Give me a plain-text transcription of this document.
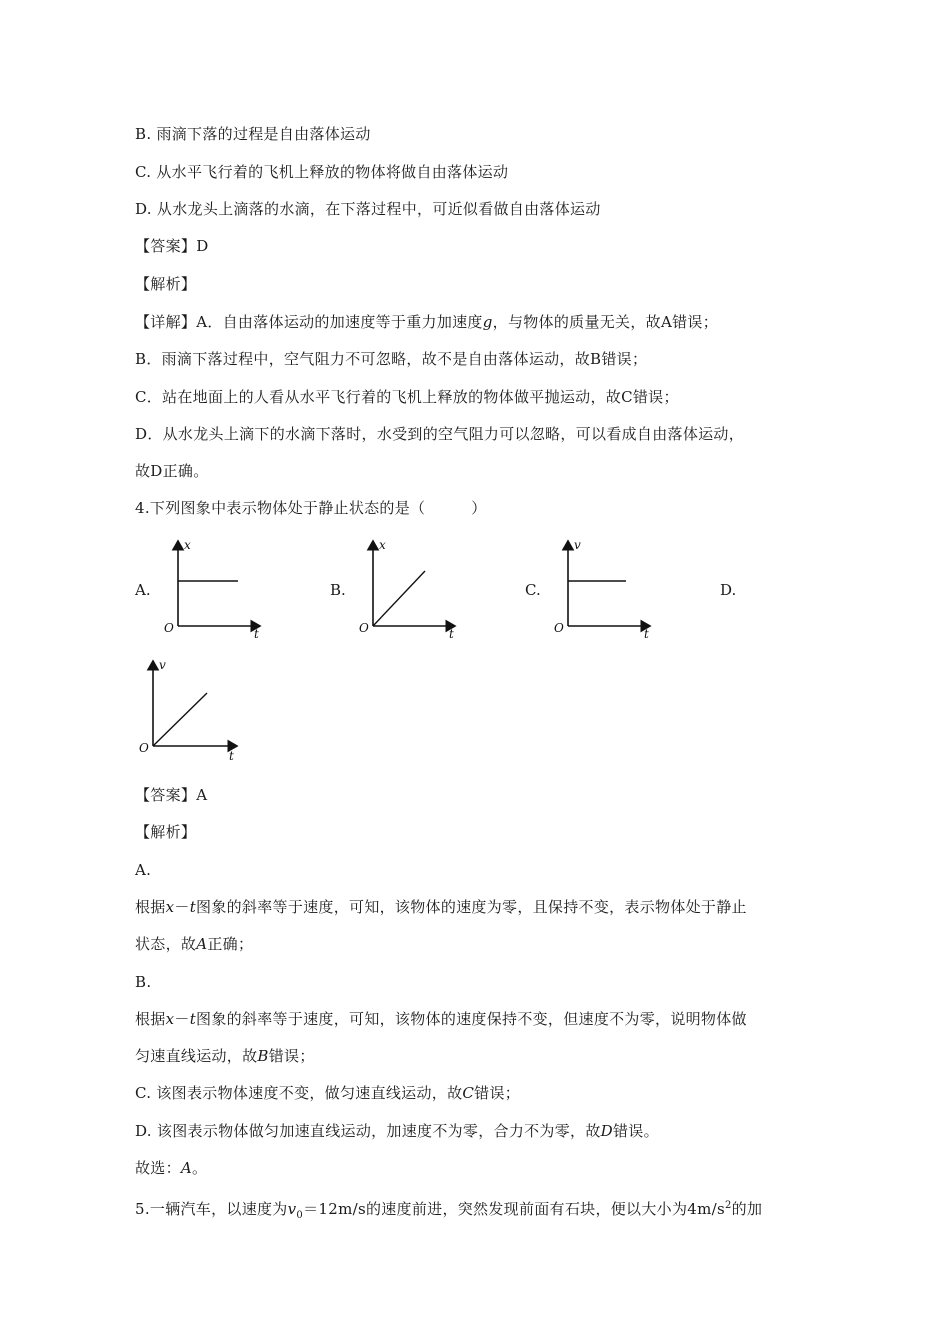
B. 雨滴下落的过程是自由落体运动
C. 从水平飞行着的飞机上释放的物体将做自由落体运动
D. 从水龙头上滴落的水滴，在下落过程中，可近似看做自由落体运动
【答案】D
【解析】
【详解】A．自由落体运动的加速度等于重力加速度g，与物体的质量无关，故A错误；
B．雨滴下落过程中，空气阻力不可忽略，故不是自由落体运动，故B错误；
C．站在地面上的人看从水平飞行着的飞机上释放的物体做平抛运动，故C错误；
D．从水龙头上滴下的水滴下落时，水受到的空气阻力可以忽略，可以看成自由落体运动，
故D正确。
4.下列图象中表示物体处于静止状态的是（　　　）
A.	B.	C.	D.
x
t
O
x
t
O
v
t
O
v
t
O
【答案】A
【解析】
A.
根据x－t图象的斜率等于速度，可知，该物体的速度为零，且保持不变，表示物体处于静止
状态，故A正确；
B.
根据x－t图象的斜率等于速度，可知，该物体的速度保持不变，但速度不为零，说明物体做
匀速直线运动，故B错误；
C. 该图表示物体速度不变，做匀速直线运动，故C错误；
D. 该图表示物体做匀加速直线运动，加速度不为零，合力不为零，故D错误。
故选：A。
5.一辆汽车，以速度为$v_0=12m/s$的速度前进，突然发现前面有石块，便以大小为$4m/s^2$的加
